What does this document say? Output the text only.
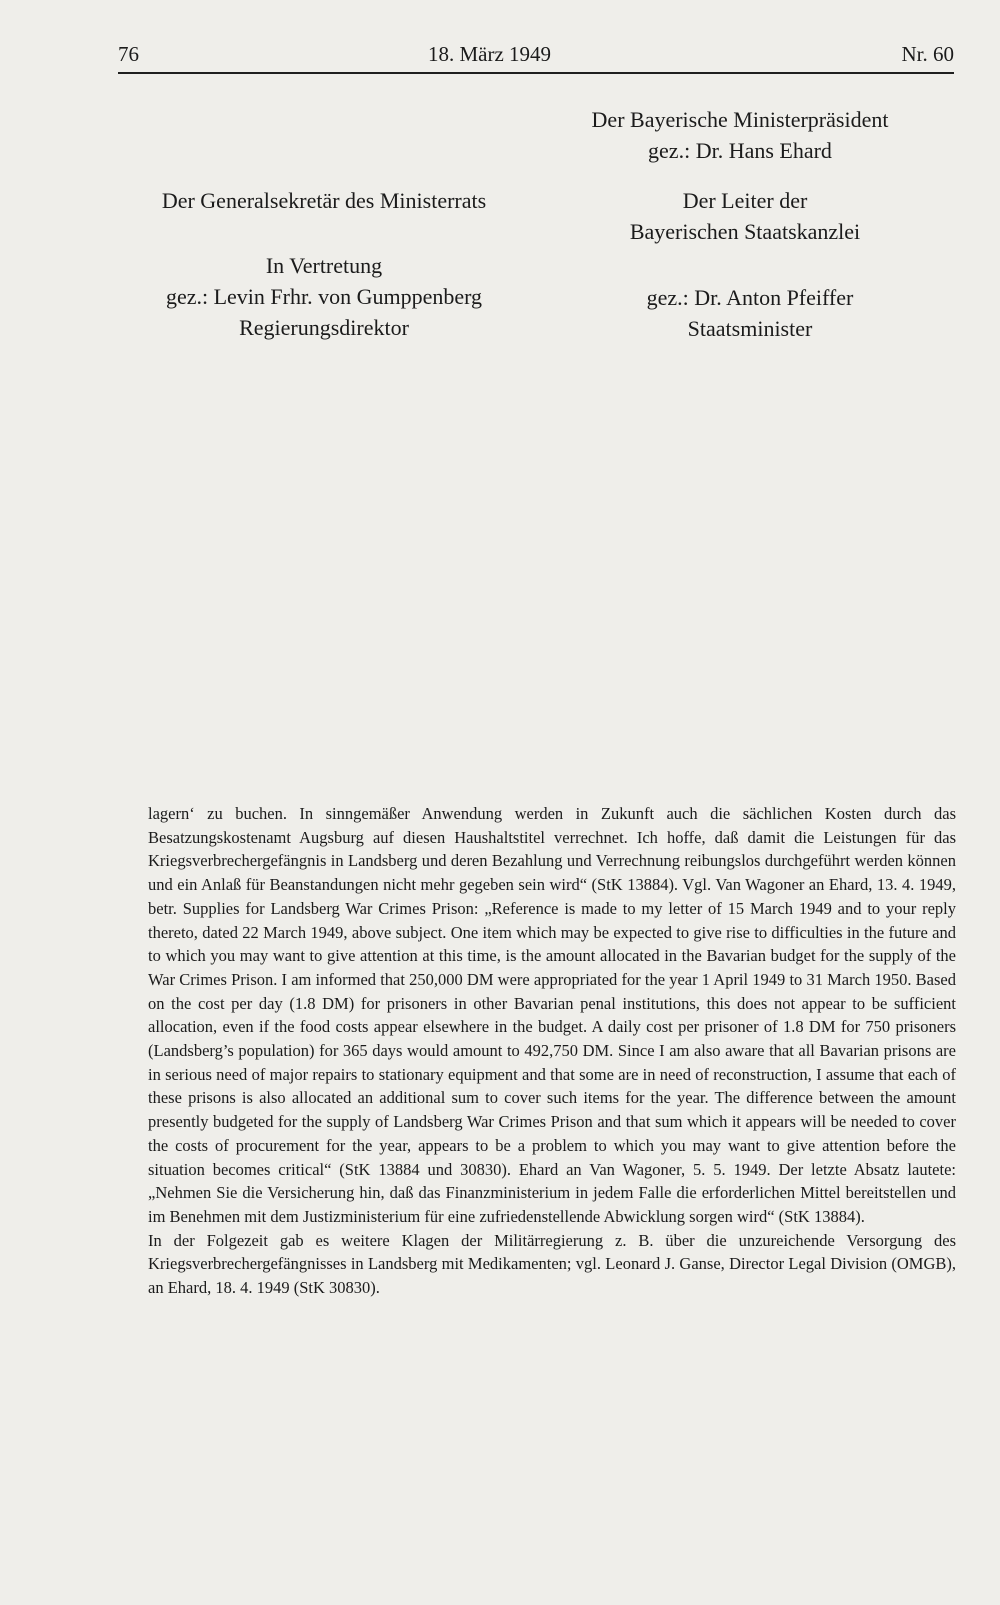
76	18. März 1949	Nr. 60
Der Bayerische Ministerpräsident
gez.: Dr. Hans Ehard
Der Generalsekretär des Ministerrats
In Vertretung
gez.: Levin Frhr. von Gumppenberg
Regierungsdirektor
Der Leiter der
Bayerischen Staatskanzlei
gez.: Dr. Anton Pfeiffer
Staatsminister

lagern‘ zu buchen. In sinngemäßer Anwendung werden in Zukunft auch die sächlichen Kosten durch das Besatzungskostenamt Augsburg auf diesen Haushaltstitel verrechnet. Ich hoffe, daß damit die Leistungen für das Kriegsverbrechergefängnis in Landsberg und deren Bezahlung und Verrechnung reibungslos durchgeführt werden können und ein Anlaß für Beanstandungen nicht mehr gegeben sein wird“ (StK 13884). Vgl. Van Wagoner an Ehard, 13. 4. 1949, betr. Supplies for Landsberg War Crimes Prison: „Reference is made to my letter of 15 March 1949 and to your reply thereto, dated 22 March 1949, above subject. One item which may be expected to give rise to difficulties in the future and to which you may want to give attention at this time, is the amount allocated in the Bavarian budget for the supply of the War Crimes Prison. I am informed that 250,000 DM were appropriated for the year 1 April 1949 to 31 March 1950. Based on the cost per day (1.8 DM) for prisoners in other Bavarian penal institutions, this does not appear to be sufficient allocation, even if the food costs appear elsewhere in the budget. A daily cost per prisoner of 1.8 DM for 750 prisoners (Landsberg’s population) for 365 days would amount to 492,750 DM. Since I am also aware that all Bavarian prisons are in serious need of major repairs to stationary equipment and that some are in need of reconstruction, I assume that each of these prisons is also allocated an additional sum to cover such items for the year. The difference between the amount presently budgeted for the supply of Landsberg War Crimes Prison and that sum which it appears will be needed to cover the costs of procurement for the year, appears to be a problem to which you may want to give attention before the situation becomes critical“ (StK 13884 und 30830). Ehard an Van Wagoner, 5. 5. 1949. Der letzte Absatz lautete: „Nehmen Sie die Versicherung hin, daß das Finanzministerium in jedem Falle die erforderlichen Mittel bereitstellen und im Benehmen mit dem Justizministerium für eine zufriedenstellende Abwicklung sorgen wird“ (StK 13884).

In der Folgezeit gab es weitere Klagen der Militärregierung z. B. über die unzureichende Versorgung des Kriegsverbrechergefängnisses in Landsberg mit Medikamenten; vgl. Leonard J. Ganse, Director Legal Division (OMGB), an Ehard, 18. 4. 1949 (StK 30830).
